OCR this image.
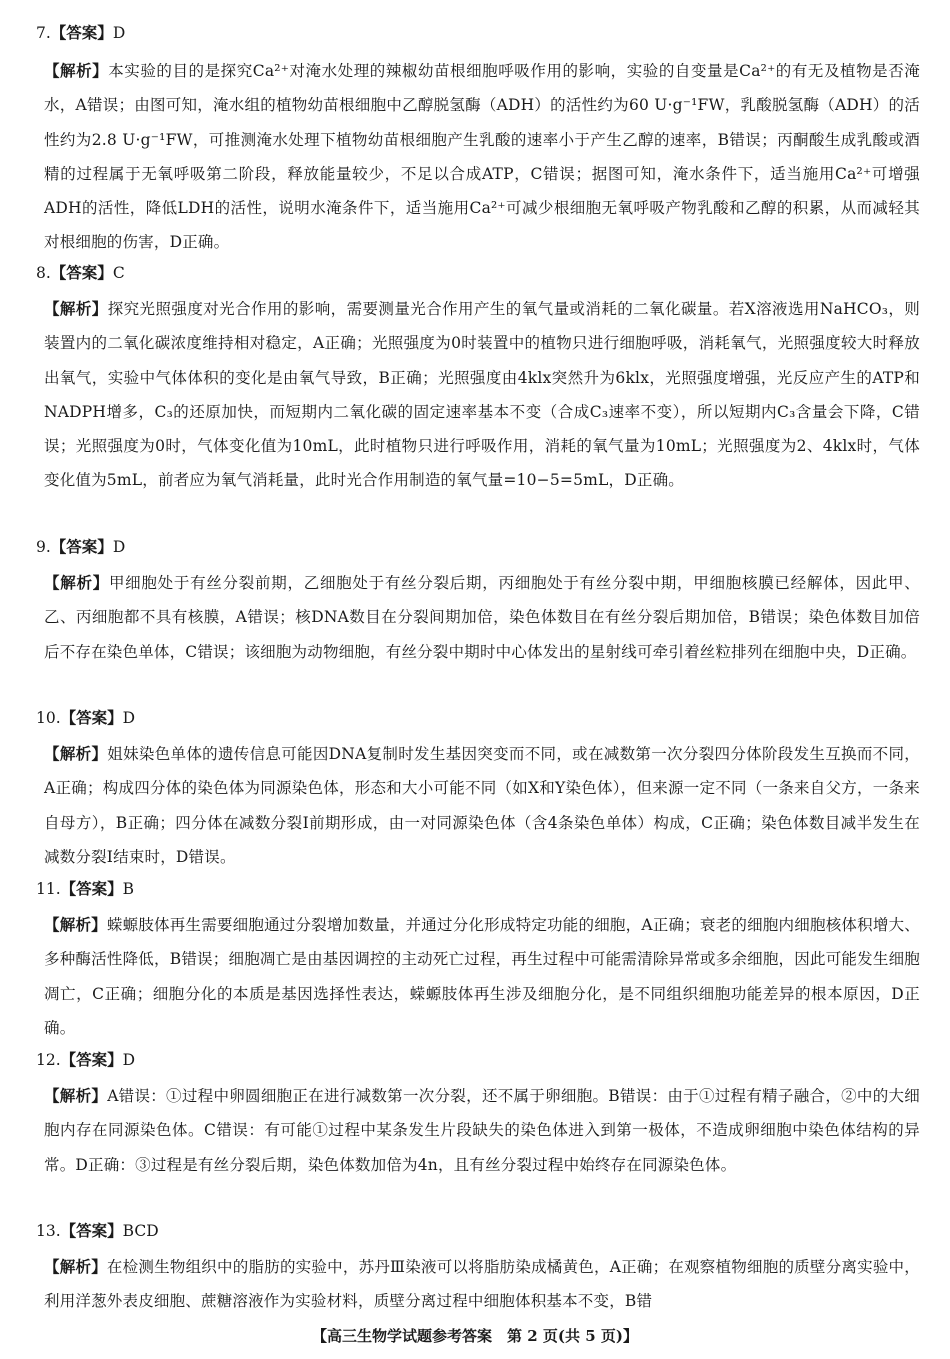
7.【答案】D
【解析】本实验的目的是探究Ca²⁺对淹水处理的辣椒幼苗根细胞呼吸作用的影响，实验的自变量是Ca²⁺的有无及植物是否淹水，A错误；由图可知，淹水组的植物幼苗根细胞中乙醇脱氢酶（ADH）的活性约为60 U·g⁻¹FW，乳酸脱氢酶（ADH）的活性约为2.8 U·g⁻¹FW，可推测淹水处理下植物幼苗根细胞产生乳酸的速率小于产生乙醇的速率，B错误；丙酮酸生成乳酸或酒精的过程属于无氧呼吸第二阶段，释放能量较少，不足以合成ATP，C错误；据图可知，淹水条件下，适当施用Ca²⁺可增强ADH的活性，降低LDH的活性，说明水淹条件下，适当施用Ca²⁺可减少根细胞无氧呼吸产物乳酸和乙醇的积累，从而减轻其对根细胞的伤害，D正确。
8.【答案】C
【解析】探究光照强度对光合作用的影响，需要测量光合作用产生的氧气量或消耗的二氧化碳量。若X溶液选用NaHCO₃，则装置内的二氧化碳浓度维持相对稳定，A正确；光照强度为0时装置中的植物只进行细胞呼吸，消耗氧气，光照强度较大时释放出氧气，实验中气体体积的变化是由氧气导致，B正确；光照强度由4klx突然升为6klx，光照强度增强，光反应产生的ATP和NADPH增多，C₃的还原加快，而短期内二氧化碳的固定速率基本不变（合成C₃速率不变），所以短期内C₃含量会下降，C错误；光照强度为0时，气体变化值为10mL，此时植物只进行呼吸作用，消耗的氧气量为10mL；光照强度为2、4klx时，气体变化值为5mL，前者应为氧气消耗量，此时光合作用制造的氧气量=10−5=5mL，D正确。
9.【答案】D
【解析】甲细胞处于有丝分裂前期，乙细胞处于有丝分裂后期，丙细胞处于有丝分裂中期，甲细胞核膜已经解体，因此甲、乙、丙细胞都不具有核膜，A错误；核DNA数目在分裂间期加倍，染色体数目在有丝分裂后期加倍，B错误；染色体数目加倍后不存在染色单体，C错误；该细胞为动物细胞，有丝分裂中期时中心体发出的星射线可牵引着丝粒排列在细胞中央，D正确。
10.【答案】D
【解析】姐妹染色单体的遗传信息可能因DNA复制时发生基因突变而不同，或在减数第一次分裂四分体阶段发生互换而不同，A正确；构成四分体的染色体为同源染色体，形态和大小可能不同（如X和Y染色体），但来源一定不同（一条来自父方，一条来自母方），B正确；四分体在减数分裂Ⅰ前期形成，由一对同源染色体（含4条染色单体）构成，C正确；染色体数目减半发生在减数分裂Ⅰ结束时，D错误。
11.【答案】B
【解析】蝾螈肢体再生需要细胞通过分裂增加数量，并通过分化形成特定功能的细胞，A正确；衰老的细胞内细胞核体积增大、多种酶活性降低，B错误；细胞凋亡是由基因调控的主动死亡过程，再生过程中可能需清除异常或多余细胞，因此可能发生细胞凋亡，C正确；细胞分化的本质是基因选择性表达，蝾螈肢体再生涉及细胞分化，是不同组织细胞功能差异的根本原因，D正确。
12.【答案】D
【解析】A错误：①过程中卵圆细胞正在进行减数第一次分裂，还不属于卵细胞。B错误：由于①过程有精子融合，②中的大细胞内存在同源染色体。C错误：有可能①过程中某条发生片段缺失的染色体进入到第一极体，不造成卵细胞中染色体结构的异常。D正确：③过程是有丝分裂后期，染色体数加倍为4n，且有丝分裂过程中始终存在同源染色体。
13.【答案】BCD
【解析】在检测生物组织中的脂肪的实验中，苏丹Ⅲ染液可以将脂肪染成橘黄色，A正确；在观察植物细胞的质壁分离实验中，利用洋葱外表皮细胞、蔗糖溶液作为实验材料，质壁分离过程中细胞体积基本不变，B错
【高三生物学试题参考答案　第 2 页(共 5 页)】
